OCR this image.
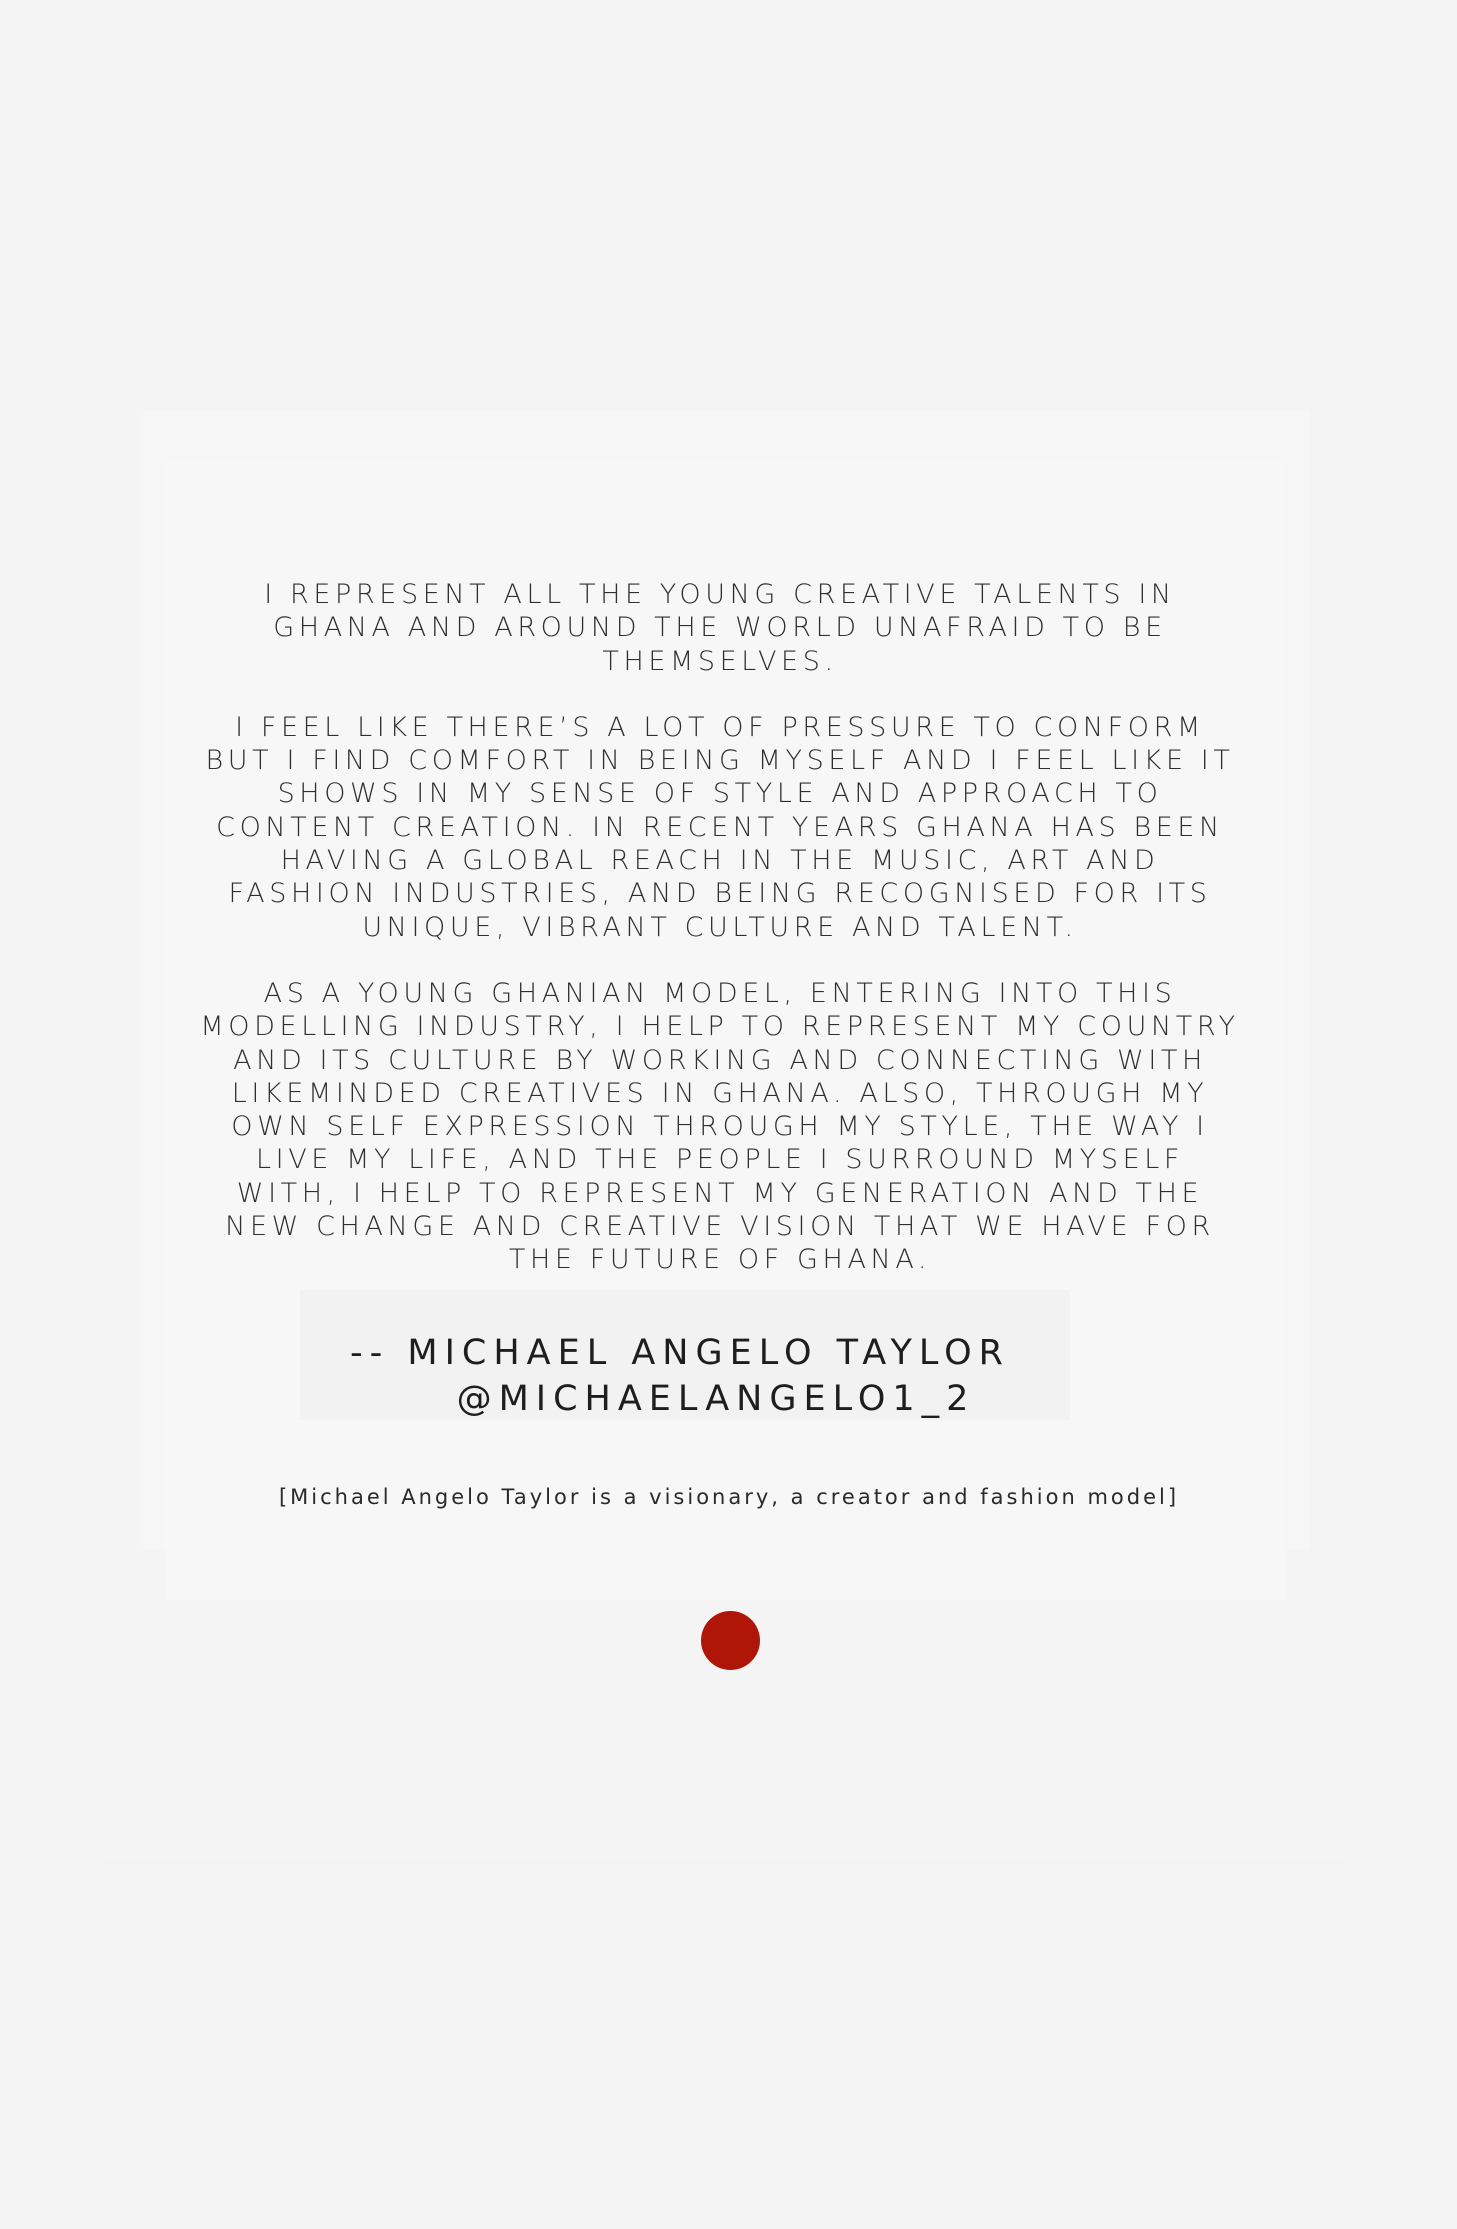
I REPRESENT ALL THE YOUNG CREATIVE TALENTS IN GHANA AND AROUND THE WORLD UNAFRAID TO BE THEMSELVES.

I FEEL LIKE THERE’S A LOT OF PRESSURE TO CONFORM BUT I FIND COMFORT IN BEING MYSELF AND I FEEL LIKE IT SHOWS IN MY SENSE OF STYLE AND APPROACH TO CONTENT CREATION. IN RECENT YEARS GHANA HAS BEEN HAVING A GLOBAL REACH IN THE MUSIC, ART AND FASHION INDUSTRIES, AND BEING RECOGNISED FOR ITS UNIQUE, VIBRANT CULTURE AND TALENT.

AS A YOUNG GHANIAN MODEL, ENTERING INTO THIS MODELLING INDUSTRY, I HELP TO REPRESENT MY COUNTRY AND ITS CULTURE BY WORKING AND CONNECTING WITH LIKEMINDED CREATIVES IN GHANA. ALSO, THROUGH MY OWN SELF EXPRESSION THROUGH MY STYLE, THE WAY I LIVE MY LIFE, AND THE PEOPLE I SURROUND MYSELF WITH, I HELP TO REPRESENT MY GENERATION AND THE NEW CHANGE AND CREATIVE VISION THAT WE HAVE FOR THE FUTURE OF GHANA.

-- MICHAEL ANGELO TAYLOR
@MICHAELANGELO1_2
[Michael Angelo Taylor is a visionary, a creator and fashion model]
